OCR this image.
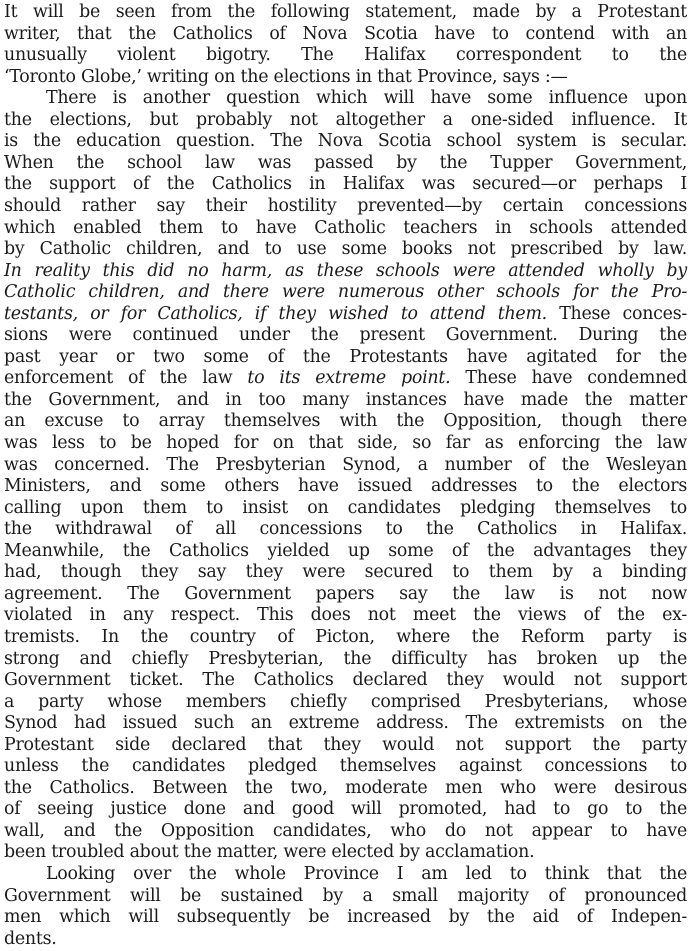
It will be seen from the following statement, made by a Protestant
writer, that the Catholics of Nova Scotia have to contend with an
unusually violent bigotry. The Halifax correspondent to the
‘Toronto Globe,’ writing on the elections in that Province, says :—
There is another question which will have some influence upon
the elections, but probably not altogether a one-sided influence. It
is the education question. The Nova Scotia school system is secular.
When the school law was passed by the Tupper Government,
the support of the Catholics in Halifax was secured—or perhaps I
should rather say their hostility prevented—by certain concessions
which enabled them to have Catholic teachers in schools attended
by Catholic children, and to use some books not prescribed by law.
In reality this did no harm, as these schools were attended wholly by
Catholic children, and there were numerous other schools for the Pro-
testants, or for Catholics, if they wished to attend them. These conces-
sions were continued under the present Government. During the
past year or two some of the Protestants have agitated for the
enforcement of the law to its extreme point. These have condemned
the Government, and in too many instances have made the matter
an excuse to array themselves with the Opposition, though there
was less to be hoped for on that side, so far as enforcing the law
was concerned. The Presbyterian Synod, a number of the Wesleyan
Ministers, and some others have issued addresses to the electors
calling upon them to insist on candidates pledging themselves to
the withdrawal of all concessions to the Catholics in Halifax.
Meanwhile, the Catholics yielded up some of the advantages they
had, though they say they were secured to them by a binding
agreement. The Government papers say the law is not now
violated in any respect. This does not meet the views of the ex-
tremists. In the country of Picton, where the Reform party is
strong and chiefly Presbyterian, the difficulty has broken up the
Government ticket. The Catholics declared they would not support
a party whose members chiefly comprised Presbyterians, whose
Synod had issued such an extreme address. The extremists on the
Protestant side declared that they would not support the party
unless the candidates pledged themselves against concessions to
the Catholics. Between the two, moderate men who were desirous
of seeing justice done and good will promoted, had to go to the
wall, and the Opposition candidates, who do not appear to have
been troubled about the matter, were elected by acclamation.
Looking over the whole Province I am led to think that the
Government will be sustained by a small majority of pronounced
men which will subsequently be increased by the aid of Indepen-
dents.
